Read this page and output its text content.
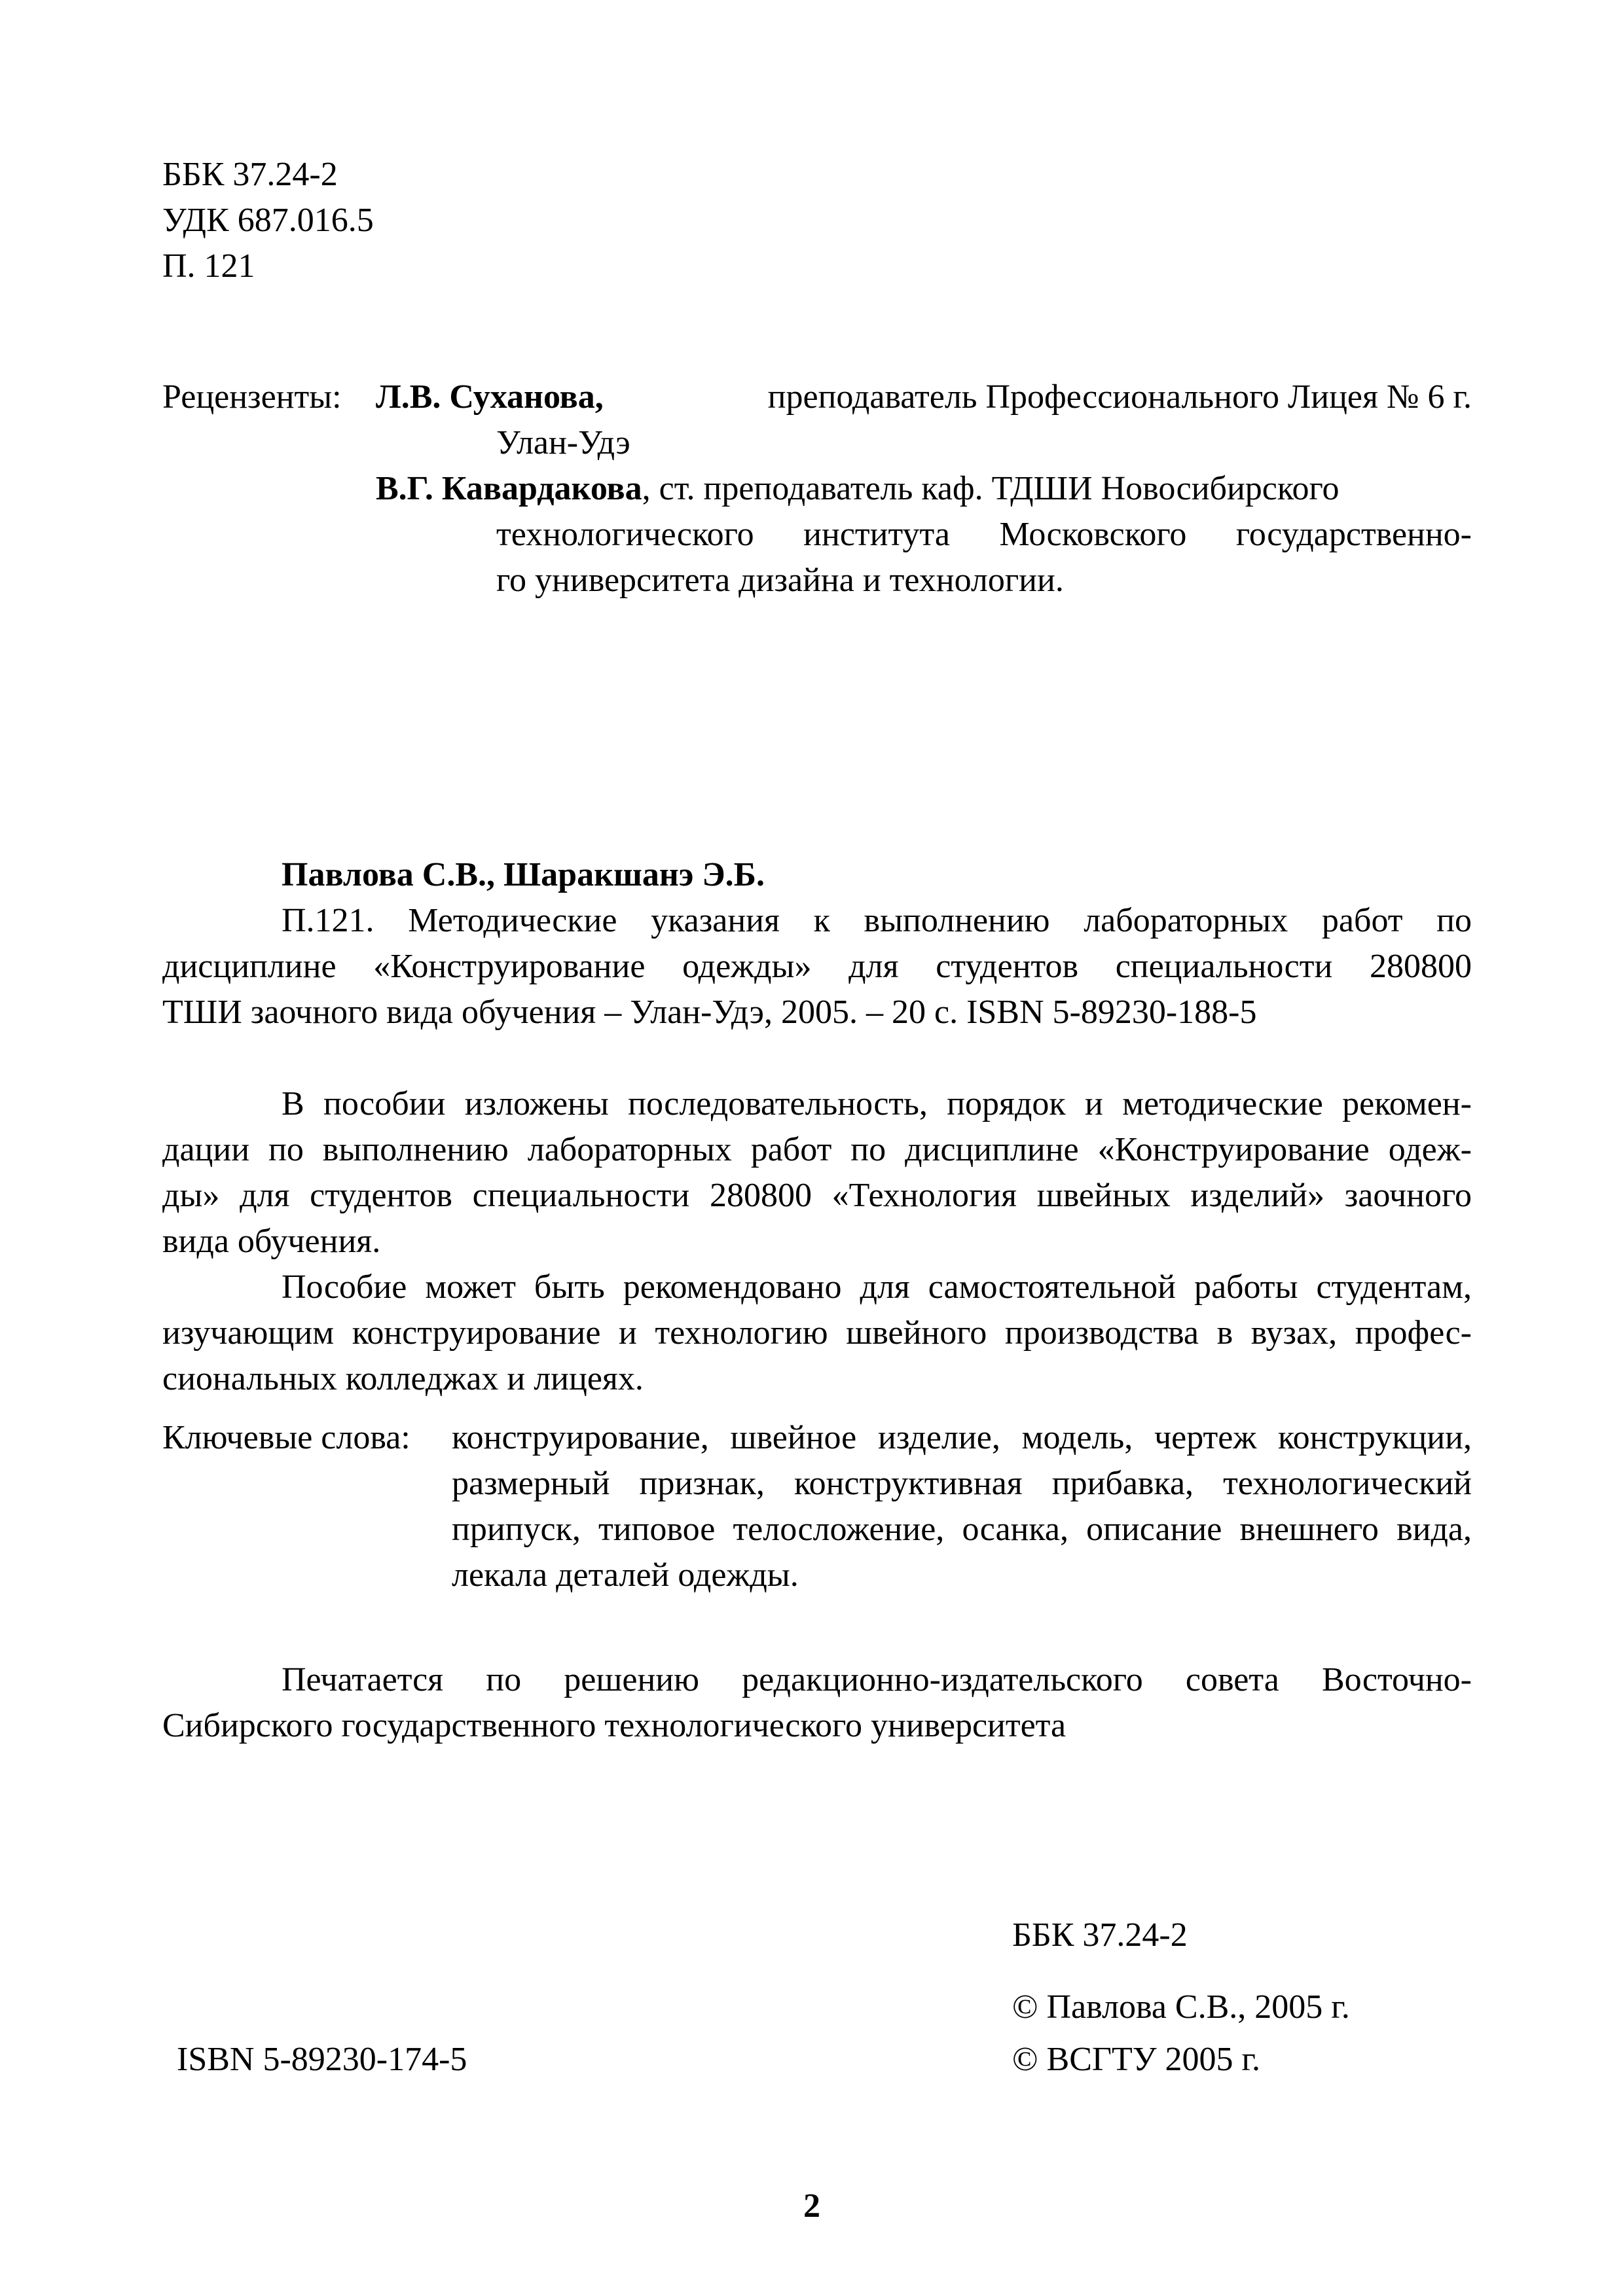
ББК 37.24-2
УДК 687.016.5
П. 121
Рецензенты: Л.В. Суханова,	преподаватель Профессионального Лицея № 6 г.
Улан-Удэ
В.Г. Кавардакова, ст. преподаватель каф. ТДШИ Новосибирского
технологического института Московского государственно-
го университета дизайна и технологии.
Павлова С.В., Шаракшанэ Э.Б.
П.121. Методические указания к выполнению лабораторных работ по
дисциплине «Конструирование одежды» для студентов специальности 280800
ТШИ заочного вида обучения – Улан-Удэ, 2005. – 20 с. ISBN 5-89230-188-5
В пособии изложены последовательность, порядок и методические рекомен-
дации по выполнению лабораторных работ по дисциплине «Конструирование одеж-
ды» для студентов специальности 280800 «Технология швейных изделий» заочного
вида обучения.
Пособие может быть рекомендовано для самостоятельной работы студентам,
изучающим конструирование и технологию швейного производства в вузах, профес-
сиональных колледжах и лицеях.
Ключевые слова: конструирование, швейное изделие, модель, чертеж конструкции,
размерный признак, конструктивная прибавка, технологический
припуск, типовое телосложение, осанка, описание внешнего вида,
лекала деталей одежды.
Печатается по решению редакционно-издательского совета Восточно-
Сибирского государственного технологического университета
ББК 37.24-2
© Павлова С.В., 2005 г.
ISBN 5-89230-174-5	© ВСГТУ 2005 г.
2
